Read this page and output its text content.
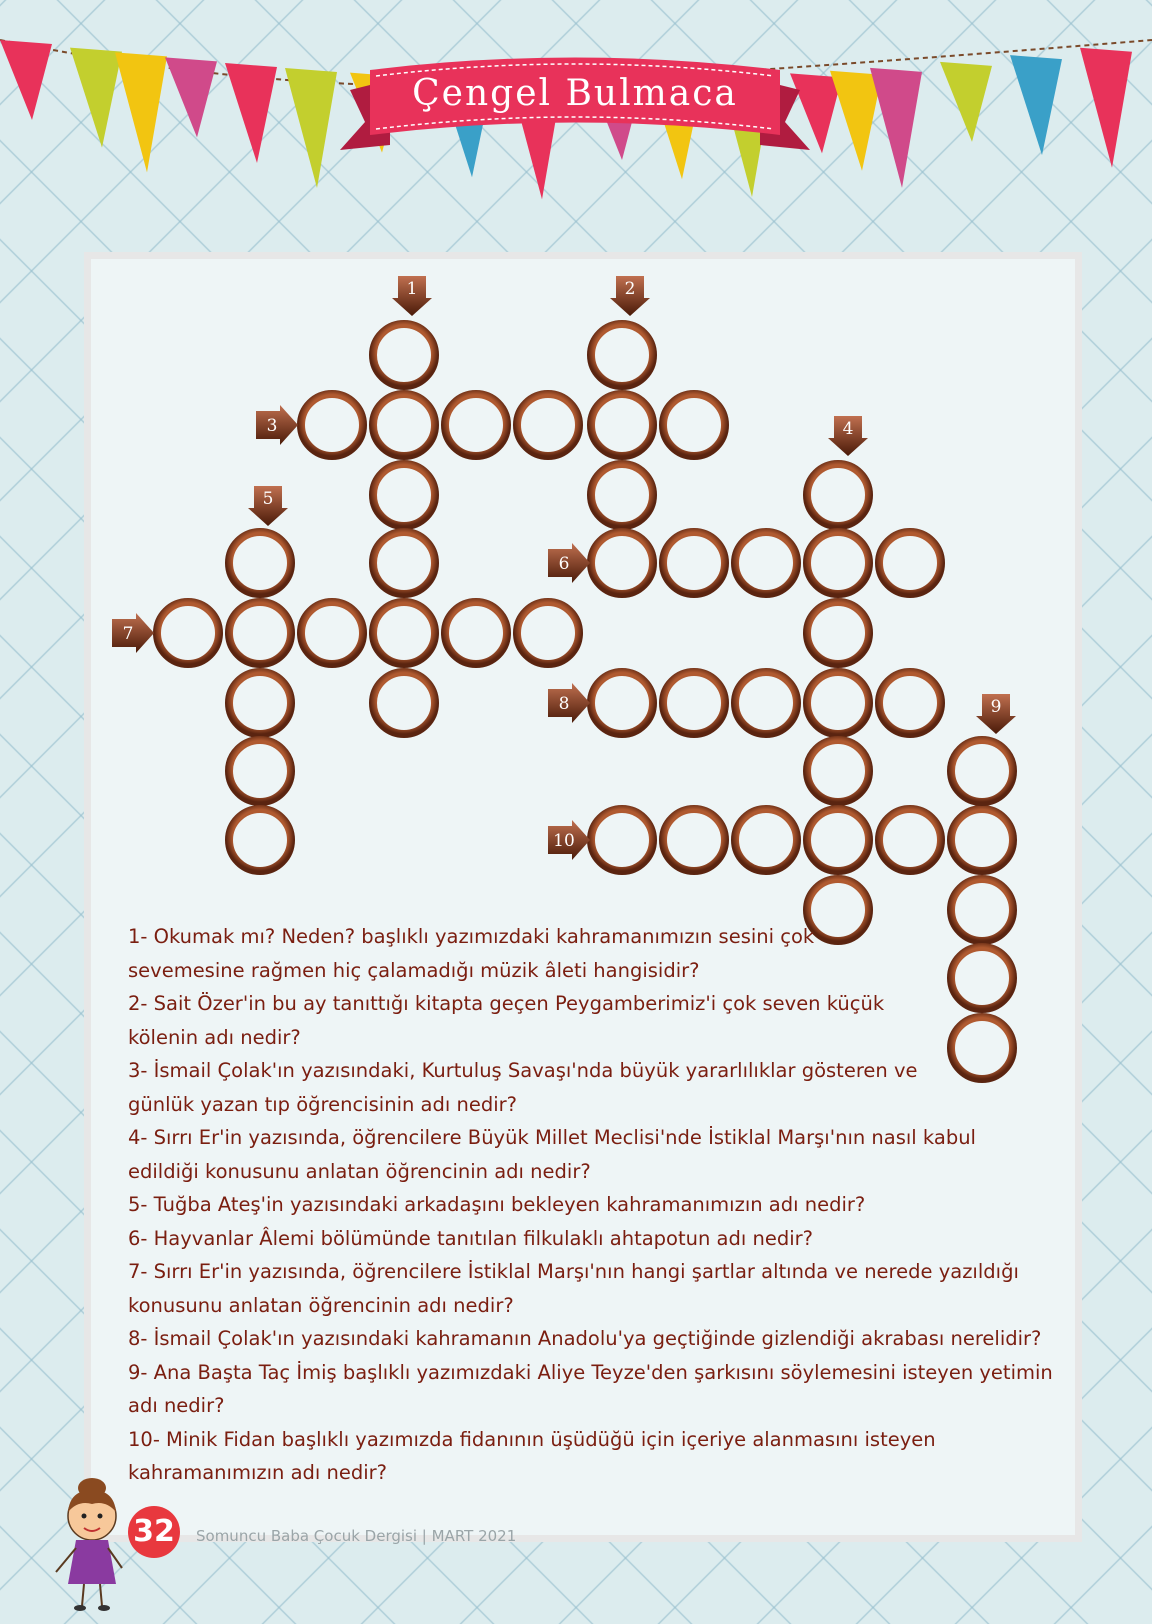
Çengel Bulmaca
1	2
3	4
5
6
7
8	9
10

1- Okumak mı? Neden? başlıklı yazımızdaki kahramanımızın sesini çok
sevemesine rağmen hiç çalamadığı müzik âleti hangisidir?

2- Sait Özer'in bu ay tanıttığı kitapta geçen Peygamberimiz'i çok seven küçük
kölenin adı nedir?

3- İsmail Çolak'ın yazısındaki, Kurtuluş Savaşı'nda büyük yararlılıklar gösteren ve
günlük yazan tıp öğrencisinin adı nedir?

4- Sırrı Er'in yazısında, öğrencilere Büyük Millet Meclisi'nde İstiklal Marşı'nın nasıl kabul
edildiği konusunu anlatan öğrencinin adı nedir?

5- Tuğba Ateş'in yazısındaki arkadaşını bekleyen kahramanımızın adı nedir?

6- Hayvanlar Âlemi bölümünde tanıtılan filkulaklı ahtapotun adı nedir?

7- Sırrı Er'in yazısında, öğrencilere İstiklal Marşı'nın hangi şartlar altında ve nerede yazıldığı
konusunu anlatan öğrencinin adı nedir?

8- İsmail Çolak'ın yazısındaki kahramanın Anadolu'ya geçtiğinde gizlendiği akrabası nerelidir?

9- Ana Başta Taç İmiş başlıklı yazımızdaki Aliye Teyze'den şarkısını söylemesini isteyen yetimin
adı nedir?

10- Minik Fidan başlıklı yazımızda fidanının üşüdüğü için içeriye alanmasını isteyen
kahramanımızın adı nedir?

32	Somuncu Baba Çocuk Dergisi | MART 2021
